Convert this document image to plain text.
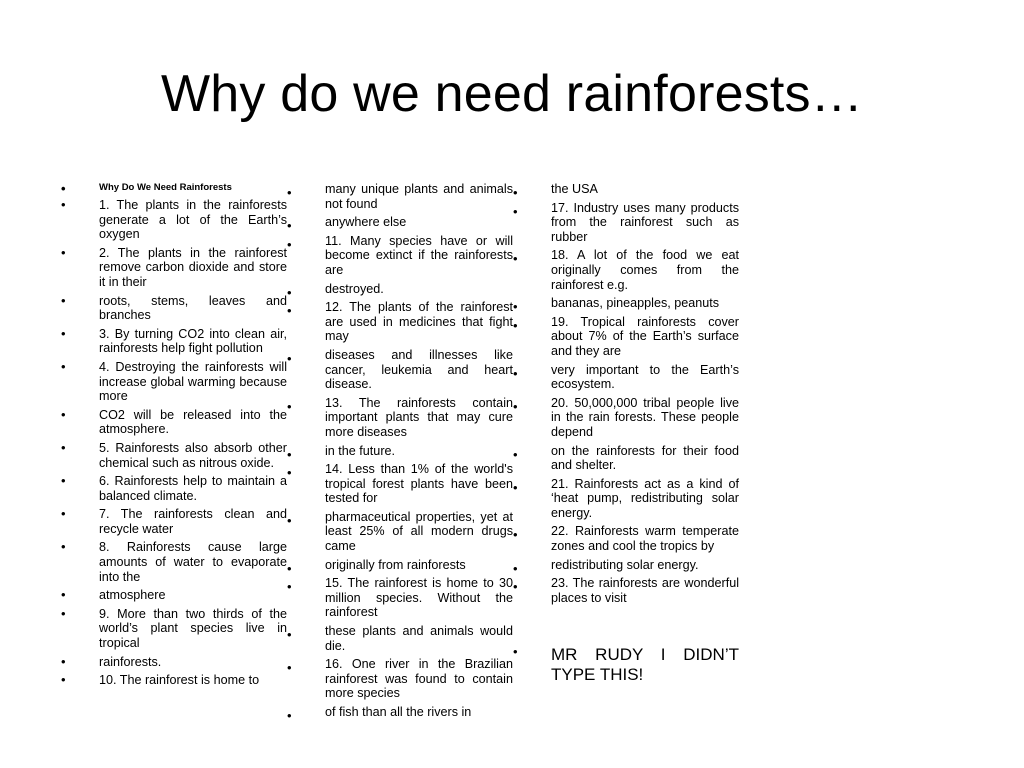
Why do we need rainforests…
•	Why Do We Need Rainforests
•	1. The plants in the rainforests generate a lot of the Earth’s oxygen
•	2. The plants in the rainforest remove carbon dioxide and store it in their
•	roots, stems, leaves and branches
•	3. By turning CO2 into clean air, rainforests help fight pollution
•	4. Destroying the rainforests will increase global warming because more
•	CO2 will be released into the atmosphere.
•	5. Rainforests also absorb other chemical such as nitrous oxide.
•	6. Rainforests help to maintain a balanced climate.
•	7. The rainforests clean and recycle water
•	8. Rainforests cause large amounts of water to evaporate into the
•	atmosphere
•	9. More than two thirds of the world’s plant species live in tropical
•	rainforests.
•	10. The rainforest is home to
•	many unique plants and animals not found
•	anywhere else
•	11. Many species have or will become extinct if the rainforests are
•	destroyed.
•	12. The plants of the rainforest are used in medicines that fight may
•	diseases and illnesses like cancer, leukemia and heart disease.
•	13. The rainforests contain important plants that may cure more diseases
•	in the future.
•	14. Less than 1% of the world's tropical forest plants have been tested for
•	pharmaceutical properties, yet at least 25% of all modern drugs came
•	originally from rainforests
•	15. The rainforest is home to 30 million species. Without the rainforest
•	these plants and animals would die.
•	16. One river in the Brazilian rainforest was found to contain more species
•	of fish than all the rivers in
•	the USA
•	17. Industry uses many products from the rainforest such as rubber
•	18. A lot of the food we eat originally comes from the rainforest e.g.
•	bananas, pineapples, peanuts
•	19. Tropical rainforests cover about 7% of the Earth’s surface and they are
•	very important to the Earth’s ecosystem.
•	20. 50,000,000 tribal people live in the rain forests. These people depend
•	on the rainforests for their food and shelter.
•	21. Rainforests act as a kind of ‘heat pump, redistributing solar energy.
•	22. Rainforests warm temperate zones and cool the tropics by
•	redistributing solar energy.
•	23. The rainforests are wonderful places to visit
• MR RUDY I DIDN’T TYPE THIS!
